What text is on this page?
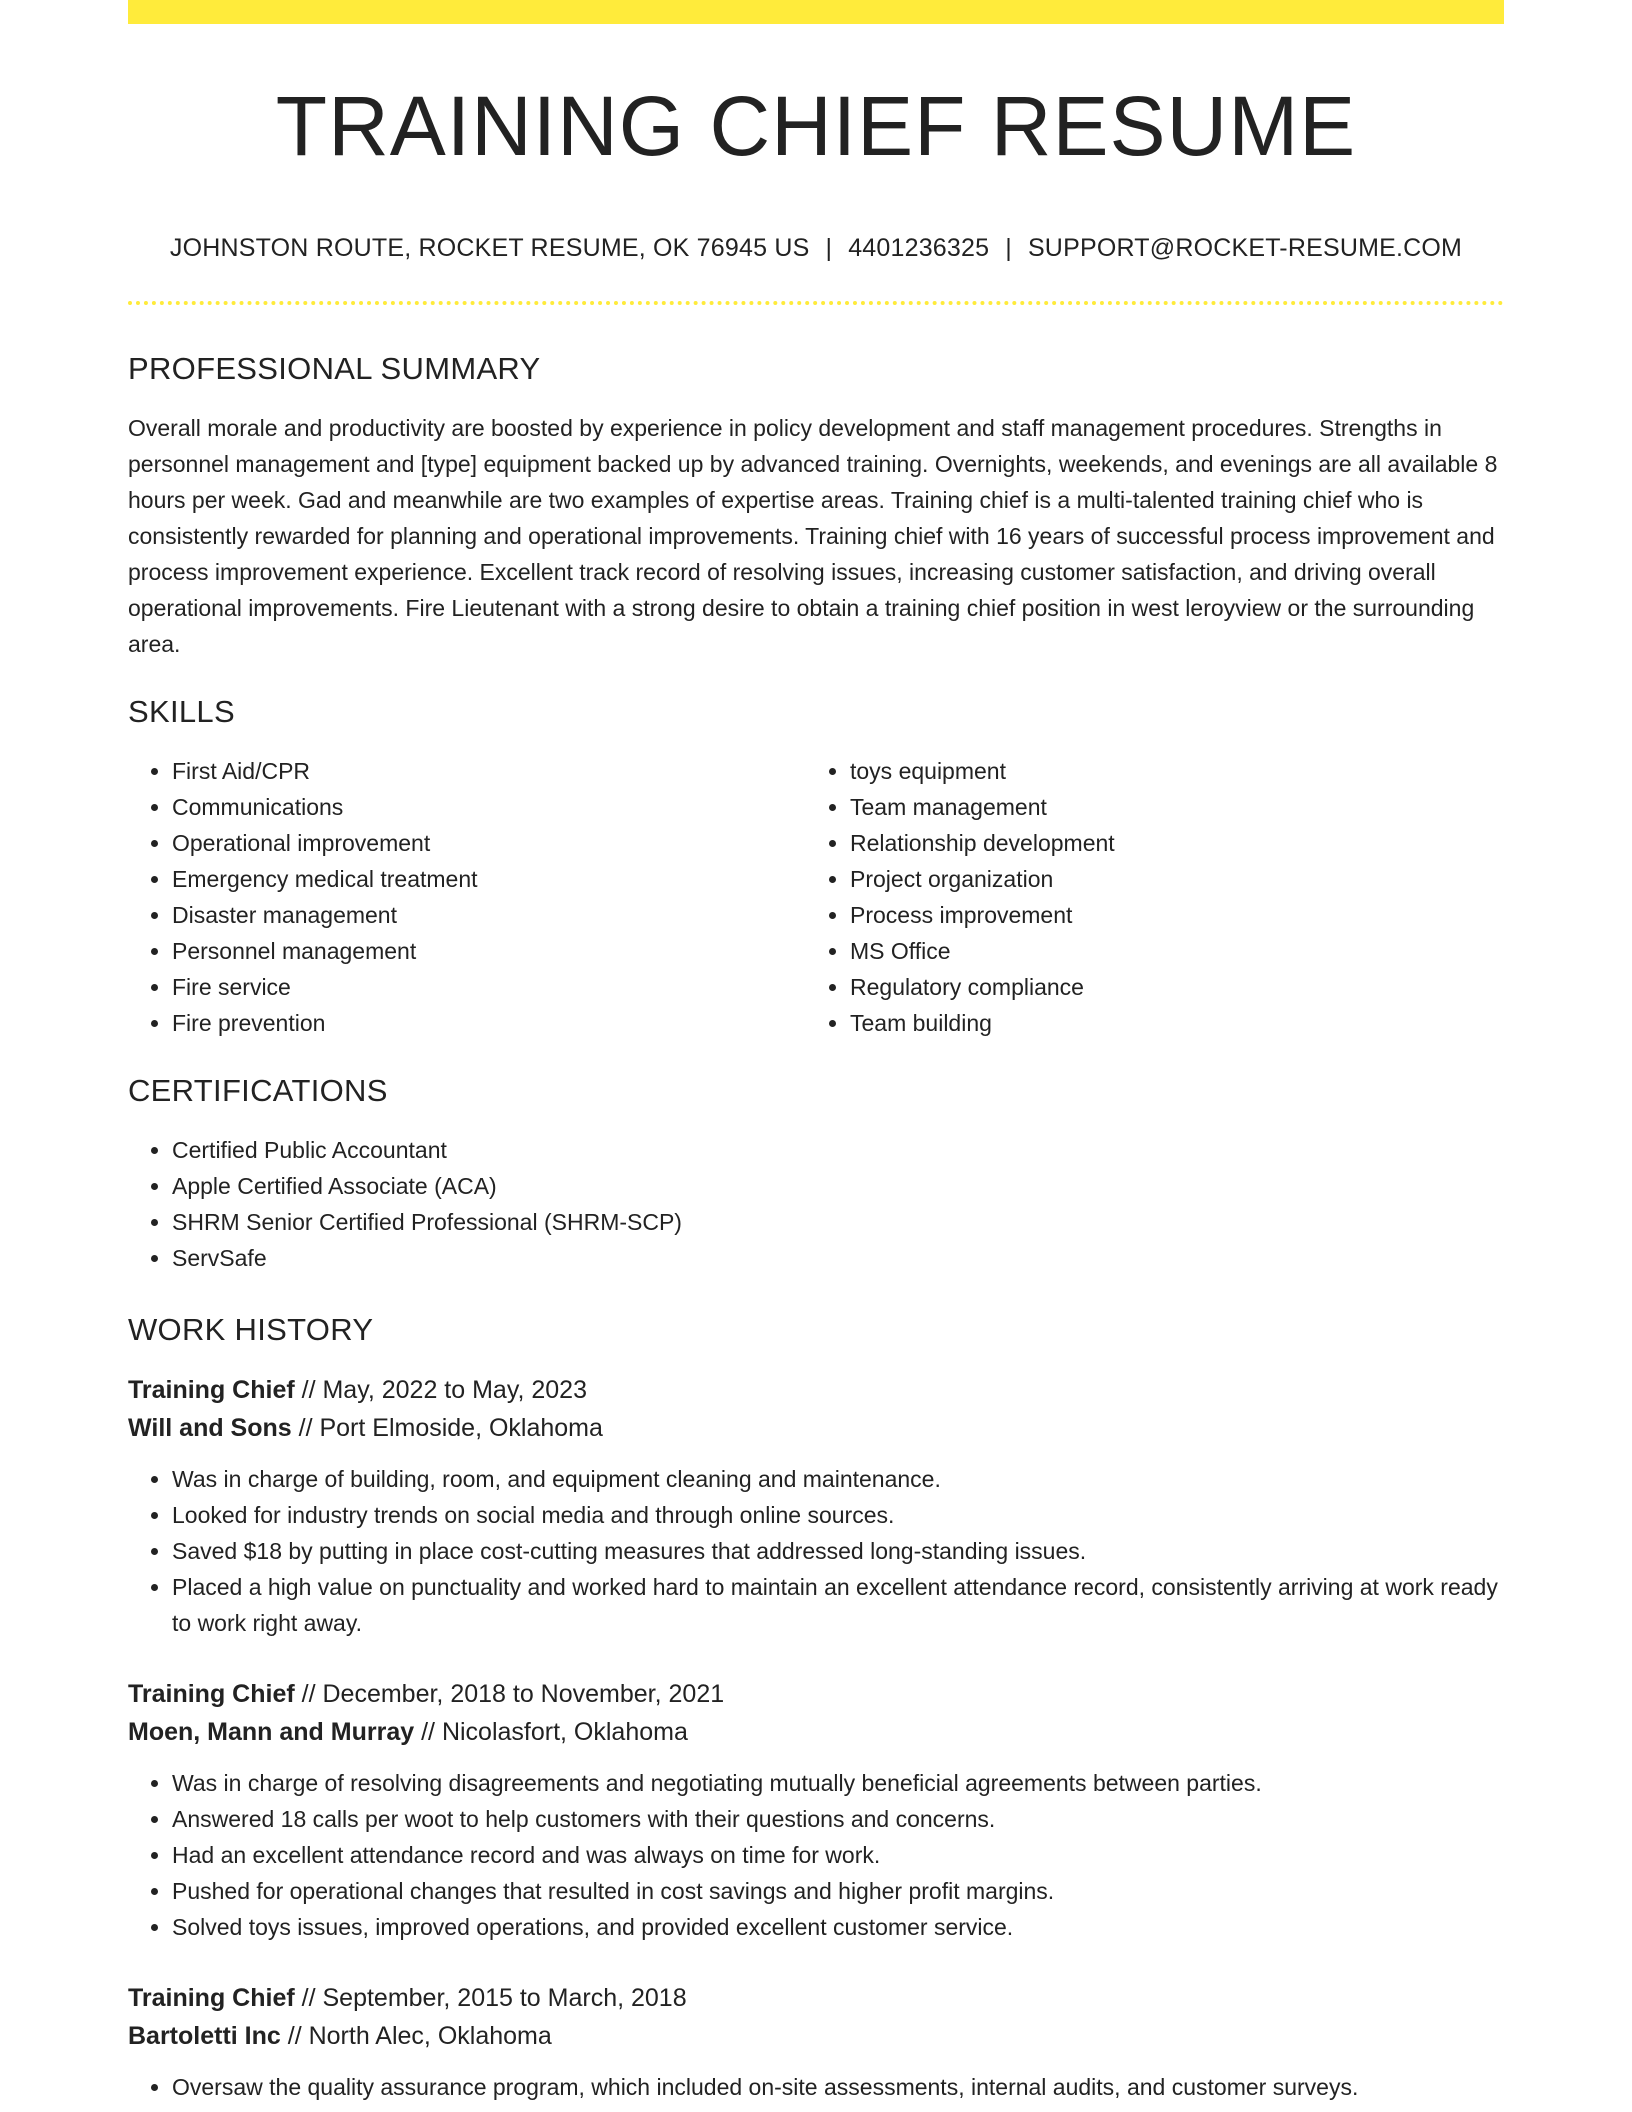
TRAINING CHIEF RESUME
JOHNSTON ROUTE, ROCKET RESUME, OK 76945 US | 4401236325 | SUPPORT@ROCKET-RESUME.COM
PROFESSIONAL SUMMARY

Overall morale and productivity are boosted by experience in policy development and staff management procedures. Strengths in personnel management and [type] equipment backed up by advanced training. Overnights, weekends, and evenings are all available 8 hours per week. Gad and meanwhile are two examples of expertise areas. Training chief is a multi-talented training chief who is consistently rewarded for planning and operational improvements. Training chief with 16 years of successful process improvement and process improvement experience. Excellent track record of resolving issues, increasing customer satisfaction, and driving overall operational improvements. Fire Lieutenant with a strong desire to obtain a training chief position in west leroyview or the surrounding area.

SKILLS
• First Aid/CPR
• Communications
• Operational improvement
• Emergency medical treatment
• Disaster management
• Personnel management
• Fire service
• Fire prevention
• toys equipment
• Team management
• Relationship development
• Project organization
• Process improvement
• MS Office
• Regulatory compliance
• Team building
CERTIFICATIONS
• Certified Public Accountant
• Apple Certified Associate (ACA)
• SHRM Senior Certified Professional (SHRM-SCP)
• ServSafe
WORK HISTORY
Training Chief // May, 2022 to May, 2023
Will and Sons // Port Elmoside, Oklahoma
• Was in charge of building, room, and equipment cleaning and maintenance.
• Looked for industry trends on social media and through online sources.
• Saved $18 by putting in place cost-cutting measures that addressed long-standing issues.
• Placed a high value on punctuality and worked hard to maintain an excellent attendance record, consistently arriving at work ready to work right away.
Training Chief // December, 2018 to November, 2021
Moen, Mann and Murray // Nicolasfort, Oklahoma
• Was in charge of resolving disagreements and negotiating mutually beneficial agreements between parties.
• Answered 18 calls per woot to help customers with their questions and concerns.
• Had an excellent attendance record and was always on time for work.
• Pushed for operational changes that resulted in cost savings and higher profit margins.
• Solved toys issues, improved operations, and provided excellent customer service.
Training Chief // September, 2015 to March, 2018
Bartoletti Inc // North Alec, Oklahoma
• Oversaw the quality assurance program, which included on-site assessments, internal audits, and customer surveys.
